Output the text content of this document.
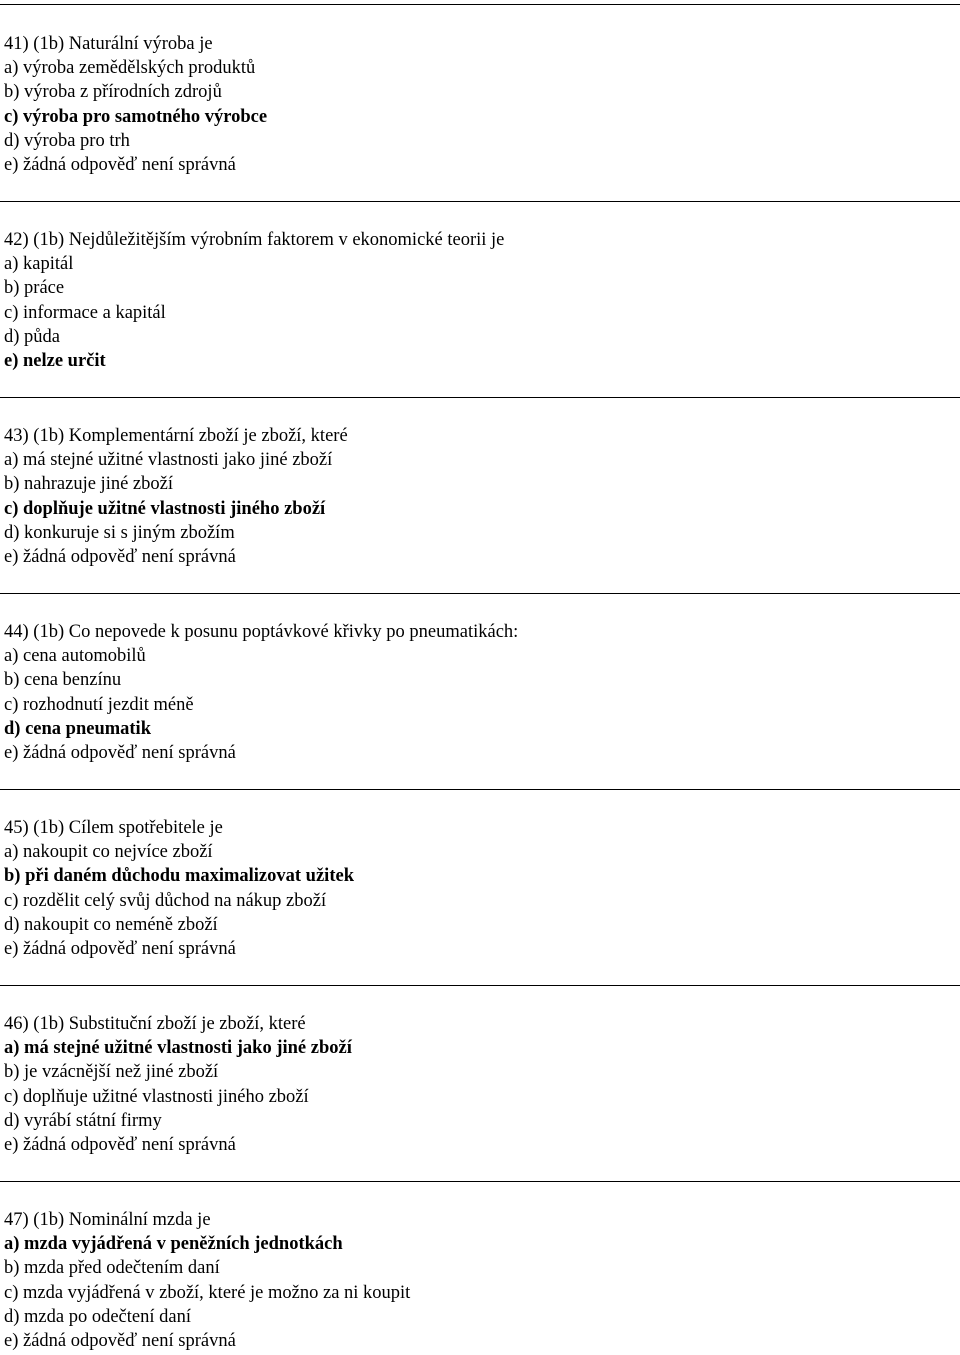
41) (1b) Naturální výroba je
a) výroba zemědělských produktů
b) výroba z přírodních zdrojů
c) výroba pro samotného výrobce
d) výroba pro trh
e) žádná odpověď není správná
42) (1b) Nejdůležitějším výrobním faktorem v ekonomické teorii je
a) kapitál
b) práce
c) informace a kapitál
d) půda
e) nelze určit
43) (1b) Komplementární zboží je zboží, které
a) má stejné užitné vlastnosti jako jiné zboží
b) nahrazuje jiné zboží
c) doplňuje užitné vlastnosti jiného zboží
d) konkuruje si s jiným zbožím
e) žádná odpověď není správná
44) (1b) Co nepovede k posunu poptávkové křivky po pneumatikách:
a) cena automobilů
b) cena benzínu
c) rozhodnutí jezdit méně
d) cena pneumatik
e) žádná odpověď není správná
45) (1b) Cílem spotřebitele je
a) nakoupit co nejvíce zboží
b) při daném důchodu maximalizovat užitek
c) rozdělit celý svůj důchod na nákup zboží
d) nakoupit co neméně zboží
e) žádná odpověď není správná
46) (1b) Substituční zboží je zboží, které
a) má stejné užitné vlastnosti jako jiné zboží
b) je vzácnější než jiné zboží
c) doplňuje užitné vlastnosti jiného zboží
d) vyrábí státní firmy
e) žádná odpověď není správná
47) (1b) Nominální mzda je
a) mzda vyjádřená v peněžních jednotkách
b) mzda před odečtením daní
c) mzda vyjádřená v zboží, které je možno za ni koupit
d) mzda po odečtení daní
e) žádná odpověď není správná
